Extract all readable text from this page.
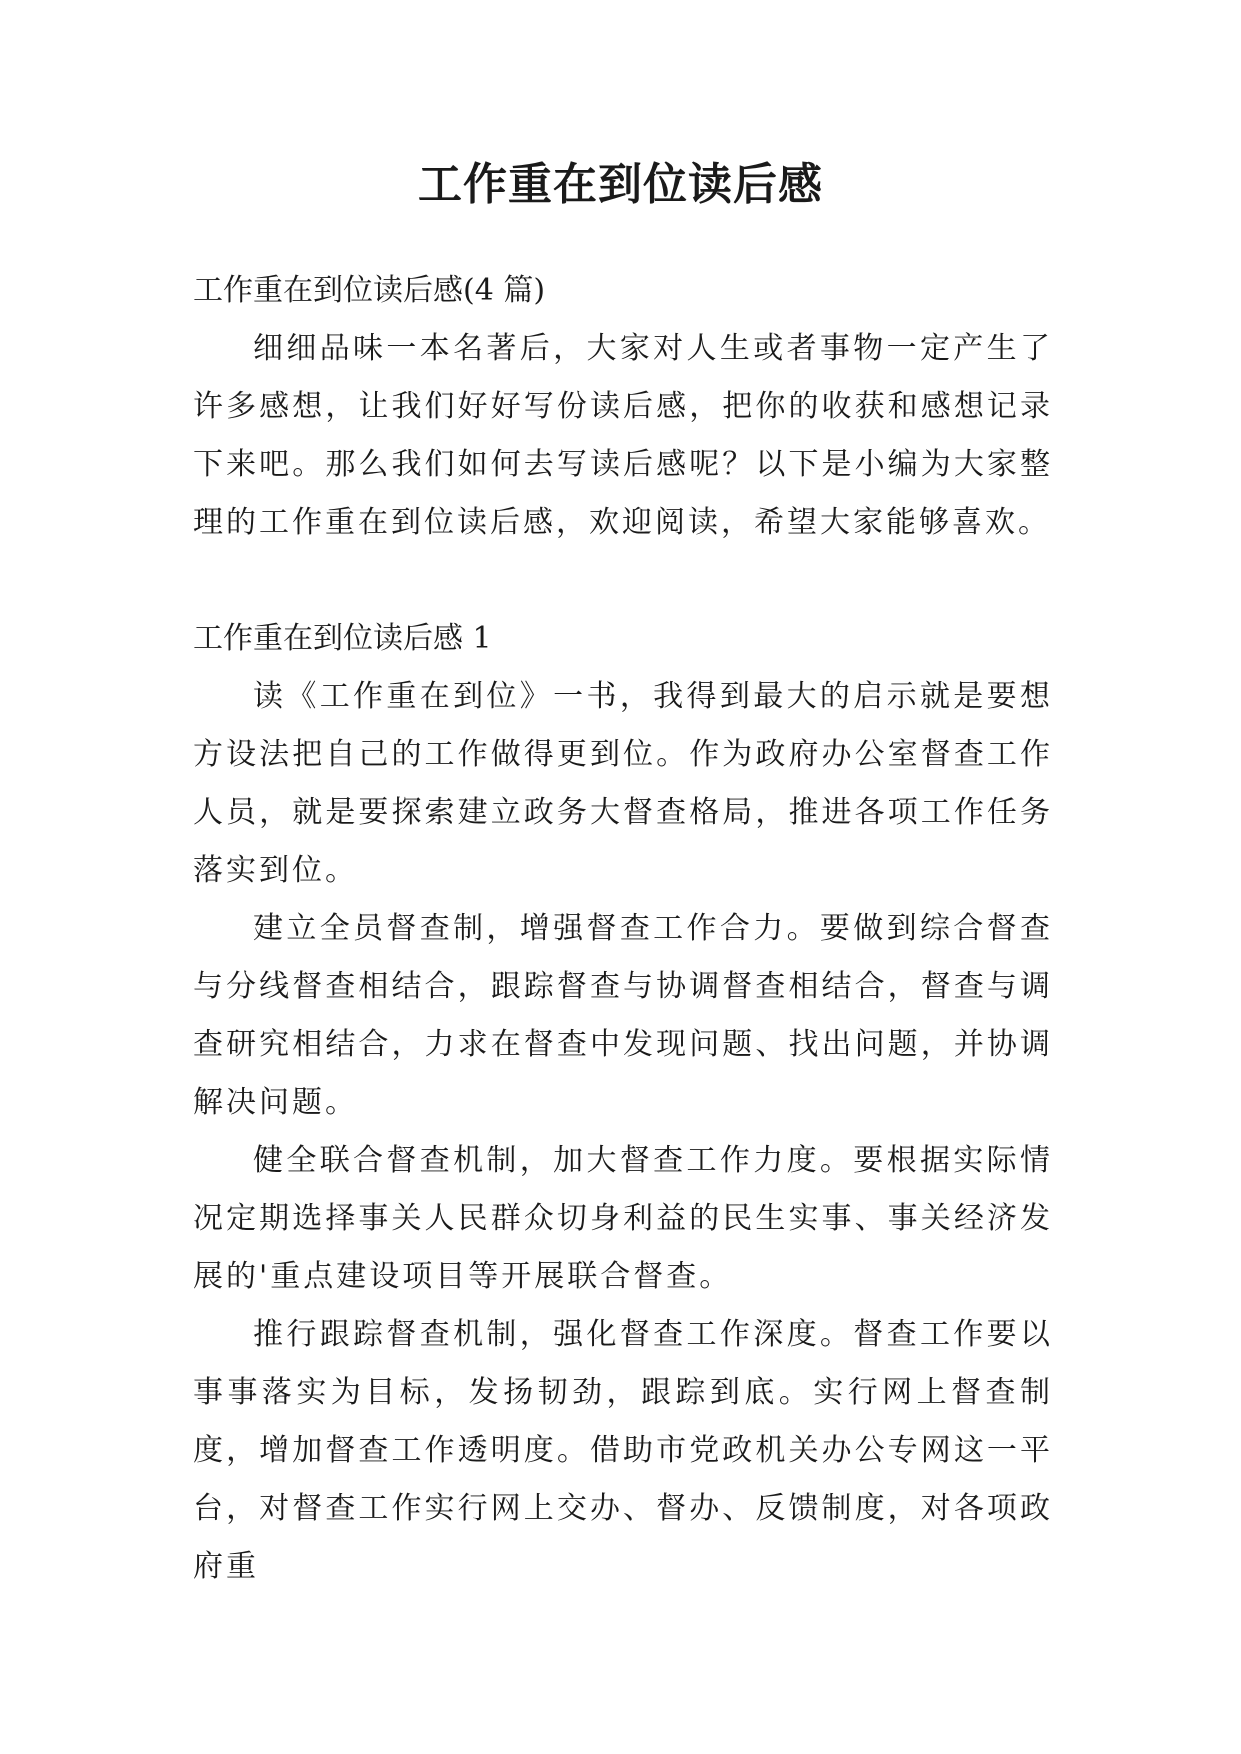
工作重在到位读后感

工作重在到位读后感(4 篇)

细细品味一本名著后，大家对人生或者事物一定产生了许多感想，让我们好好写份读后感，把你的收获和感想记录下来吧。那么我们如何去写读后感呢？以下是小编为大家整理的工作重在到位读后感，欢迎阅读，希望大家能够喜欢。

工作重在到位读后感 1

读《工作重在到位》一书，我得到最大的启示就是要想方设法把自己的工作做得更到位。作为政府办公室督查工作人员，就是要探索建立政务大督查格局，推进各项工作任务落实到位。

建立全员督查制，增强督查工作合力。要做到综合督查与分线督查相结合，跟踪督查与协调督查相结合，督查与调查研究相结合，力求在督查中发现问题、找出问题，并协调解决问题。

健全联合督查机制，加大督查工作力度。要根据实际情况定期选择事关人民群众切身利益的民生实事、事关经济发展的'重点建设项目等开展联合督查。

推行跟踪督查机制，强化督查工作深度。督查工作要以事事落实为目标，发扬韧劲，跟踪到底。实行网上督查制度，增加督查工作透明度。借助市党政机关办公专网这一平台，对督查工作实行网上交办、督办、反馈制度，对各项政府重
